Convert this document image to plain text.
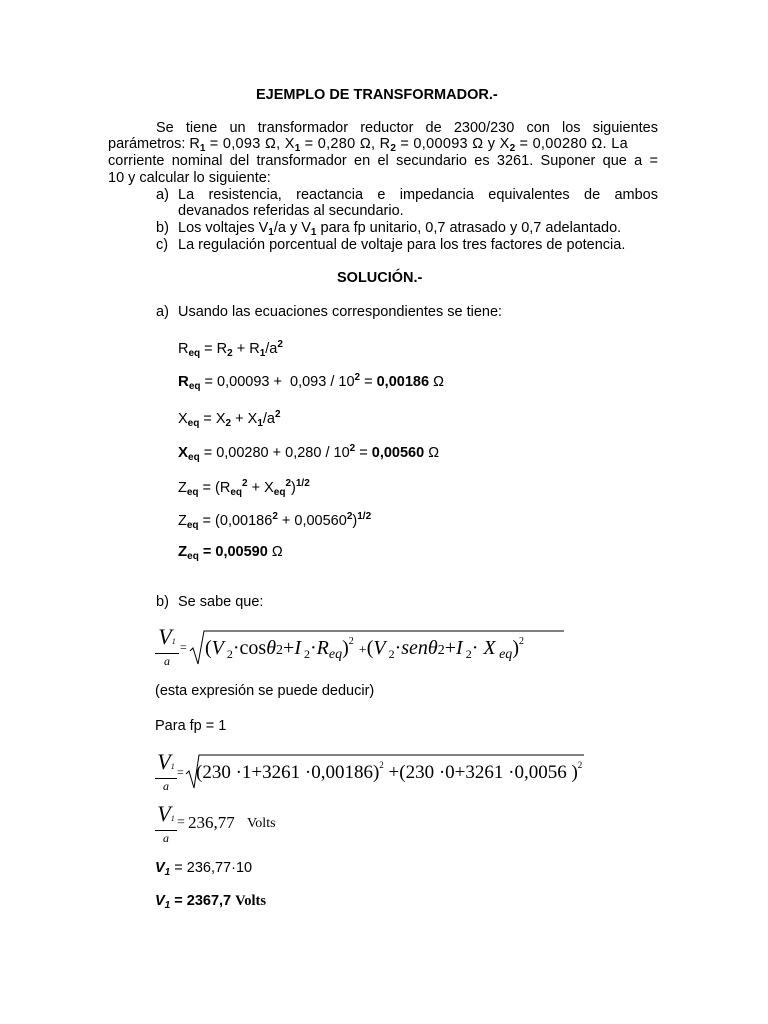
EJEMPLO DE TRANSFORMADOR.-
Se tiene un transformador reductor de 2300/230 con los siguientes
parámetros: $R_1 = 0,093$ Ω, $X_1 = 0,280$ Ω, $R_2 = 0,00093$ Ω y $X_2 = 0,00280$ Ω. La
corriente nominal del transformador en el secundario es 3261. Suponer que a =
10 y calcular lo siguiente:
a) La resistencia, reactancia e impedancia equivalentes de ambos
devanados referidas al secundario.
b) Los voltajes $V_1/a$ y $V_1$ para fp unitario, 0,7 atrasado y 0,7 adelantado.
c) La regulación porcentual de voltaje para los tres factores de potencia.
SOLUCIÓN.-
a) Usando las ecuaciones correspondientes se tiene:
$R_{eq} = R_2 + R_1/a^2$
$R_{eq} = 0,00093 + 0,093 / 10^2 = 0,00186$ Ω
$X_{eq} = X_2 + X_1/a^2$
$X_{eq} = 0,00280 + 0,280 / 10^2 = 0,00560$ Ω
$Z_{eq} = (R_{eq}^2 + X_{eq}^2)^{1/2}$
$Z_{eq} = (0,00186^2 + 0,00560^2)^{1/2}$
$Z_{eq} = 0,00590$ Ω
b) Se sabe que:
V1
a
= (V $_2$·cosθ2+I $_2\cdot R_{eq})^2 +(V$ $_2$·senθ2+I $_2$· X $_{eq}$)$^2$
(esta expresión se puede deducir)
Para fp = 1
V1
a
= $(230 \cdot 1+3261 \cdot 0,00186)^2 +(230 \cdot 0+3261 \cdot 0,0056$ )$^2$
V1
a
= 236,77 Volts
$V_1 = 236,77\cdot 10$
$V_1 = 2367,7$ Volts
